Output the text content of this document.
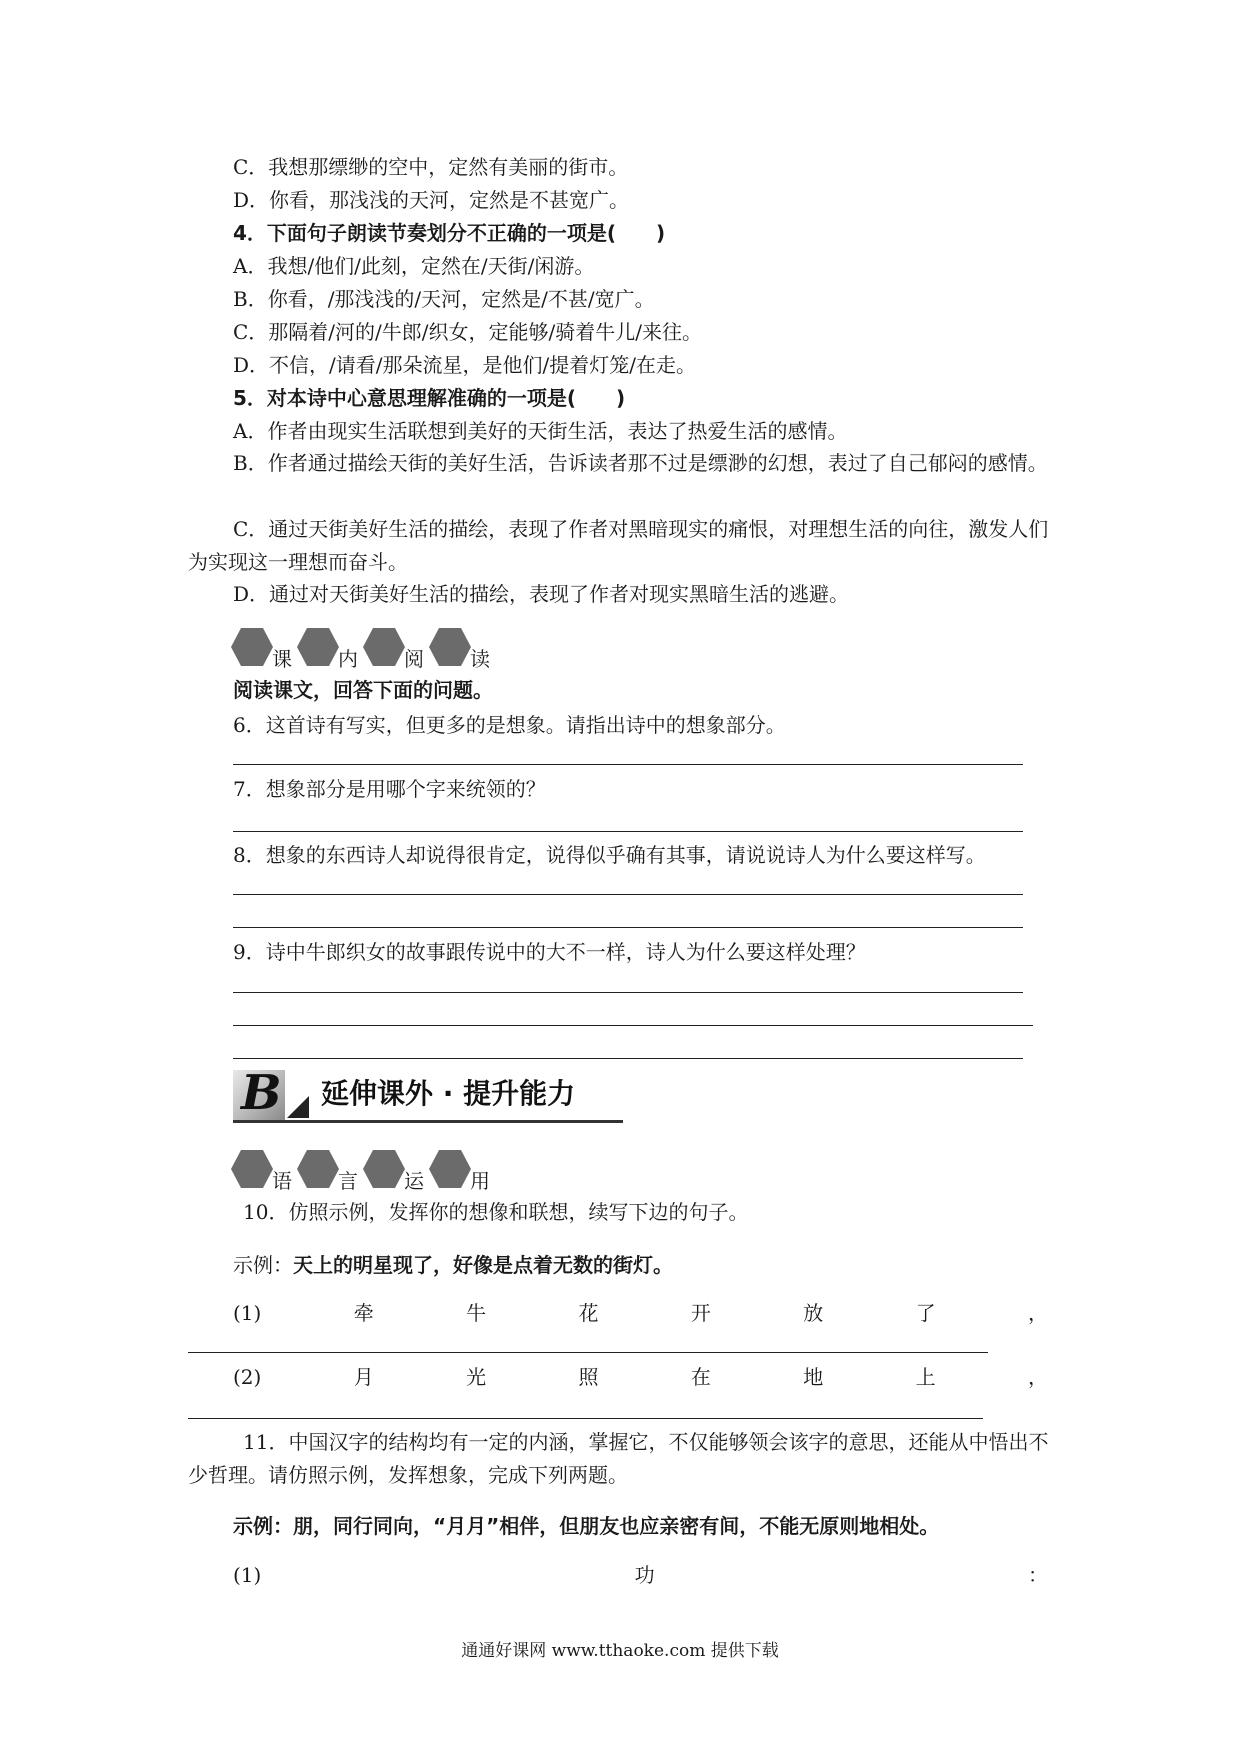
C．我想那缥缈的空中，定然有美丽的街市。
D．你看，那浅浅的天河，定然是不甚宽广。
4．下面句子朗读节奏划分不正确的一项是(　　)
A．我想/他们/此刻，定然在/天街/闲游。
B．你看，/那浅浅的/天河，定然是/不甚/宽广。
C．那隔着/河的/牛郎/织女，定能够/骑着牛儿/来往。
D．不信，/请看/那朵流星，是他们/提着灯笼/在走。
5．对本诗中心意思理解准确的一项是(　　)
A．作者由现实生活联想到美好的天街生活，表达了热爱生活的感情。
B．作者通过描绘天街的美好生活，告诉读者那不过是缥渺的幻想，表过了自己郁闷的感情。
C．通过天街美好生活的描绘，表现了作者对黑暗现实的痛恨，对理想生活的向往，激发人们为实现这一理想而奋斗。
D．通过对天街美好生活的描绘，表现了作者对现实黑暗生活的逃避。
课 内 阅 读
阅读课文，回答下面的问题。
6．这首诗有写实，但更多的是想象。请指出诗中的想象部分。
7．想象部分是用哪个字来统领的？
8．想象的东西诗人却说得很肯定，说得似乎确有其事，请说说诗人为什么要这样写。
9．诗中牛郎织女的故事跟传说中的大不一样，诗人为什么要这样处理？
B 延伸课外 · 提升能力
语 言 运 用
10．仿照示例，发挥你的想像和联想，续写下边的句子。
示例：天上的明星现了，好像是点着无数的街灯。
(1)	牵	牛	花	开	放	了	，
(2)	月	光	照	在	地	上	，
11．中国汉字的结构均有一定的内涵，掌握它，不仅能够领会该字的意思，还能从中悟出不少哲理。请仿照示例，发挥想象，完成下列两题。
示例：朋，同行同向，“月月”相伴，但朋友也应亲密有间，不能无原则地相处。
(1)	功	：
通通好课网 www.tthaoke.com 提供下载
